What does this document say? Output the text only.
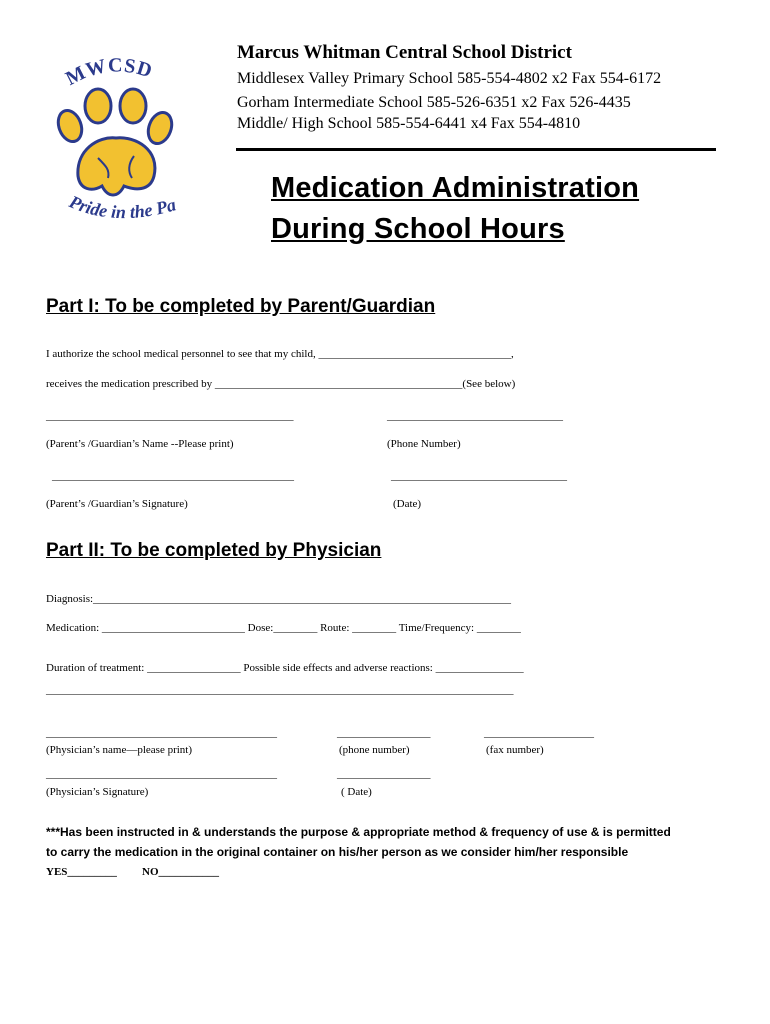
Marcus Whitman Central School District
Middlesex Valley Primary School 585-554-4802 x2 Fax 554-6172
Gorham Intermediate School 585-526-6351 x2 Fax 526-4435
Middle/ High School 585-554-6441 x4 Fax 554-4810
MWCSD
Pride in the Pa
Medication Administration
During School Hours
Part I: To be completed by Parent/Guardian
I authorize the school medical personnel to see that my child, ___________________________________,
receives the medication prescribed by _____________________________________________(See below)
_____________________________________________	________________________________
(Parent’s /Guardian’s Name --Please print)	(Phone Number)
____________________________________________	________________________________
(Parent’s /Guardian’s Signature)	(Date)
Part II: To be completed by Physician
Diagnosis:____________________________________________________________________________
Medication: __________________________ Dose:________ Route: ________ Time/Frequency: ________
Duration of treatment: _________________ Possible side effects and adverse reactions: ________________
_____________________________________________________________________________________
__________________________________________	_________________	____________________
(Physician’s name—please print)	(phone number)	(fax number)
__________________________________________	_________________
(Physician’s Signature)	( Date)
***Has been instructed in & understands the purpose & appropriate method & frequency of use & is permitted
to carry the medication in the original container on his/her person as we consider him/her responsible
YES_________ NO___________
